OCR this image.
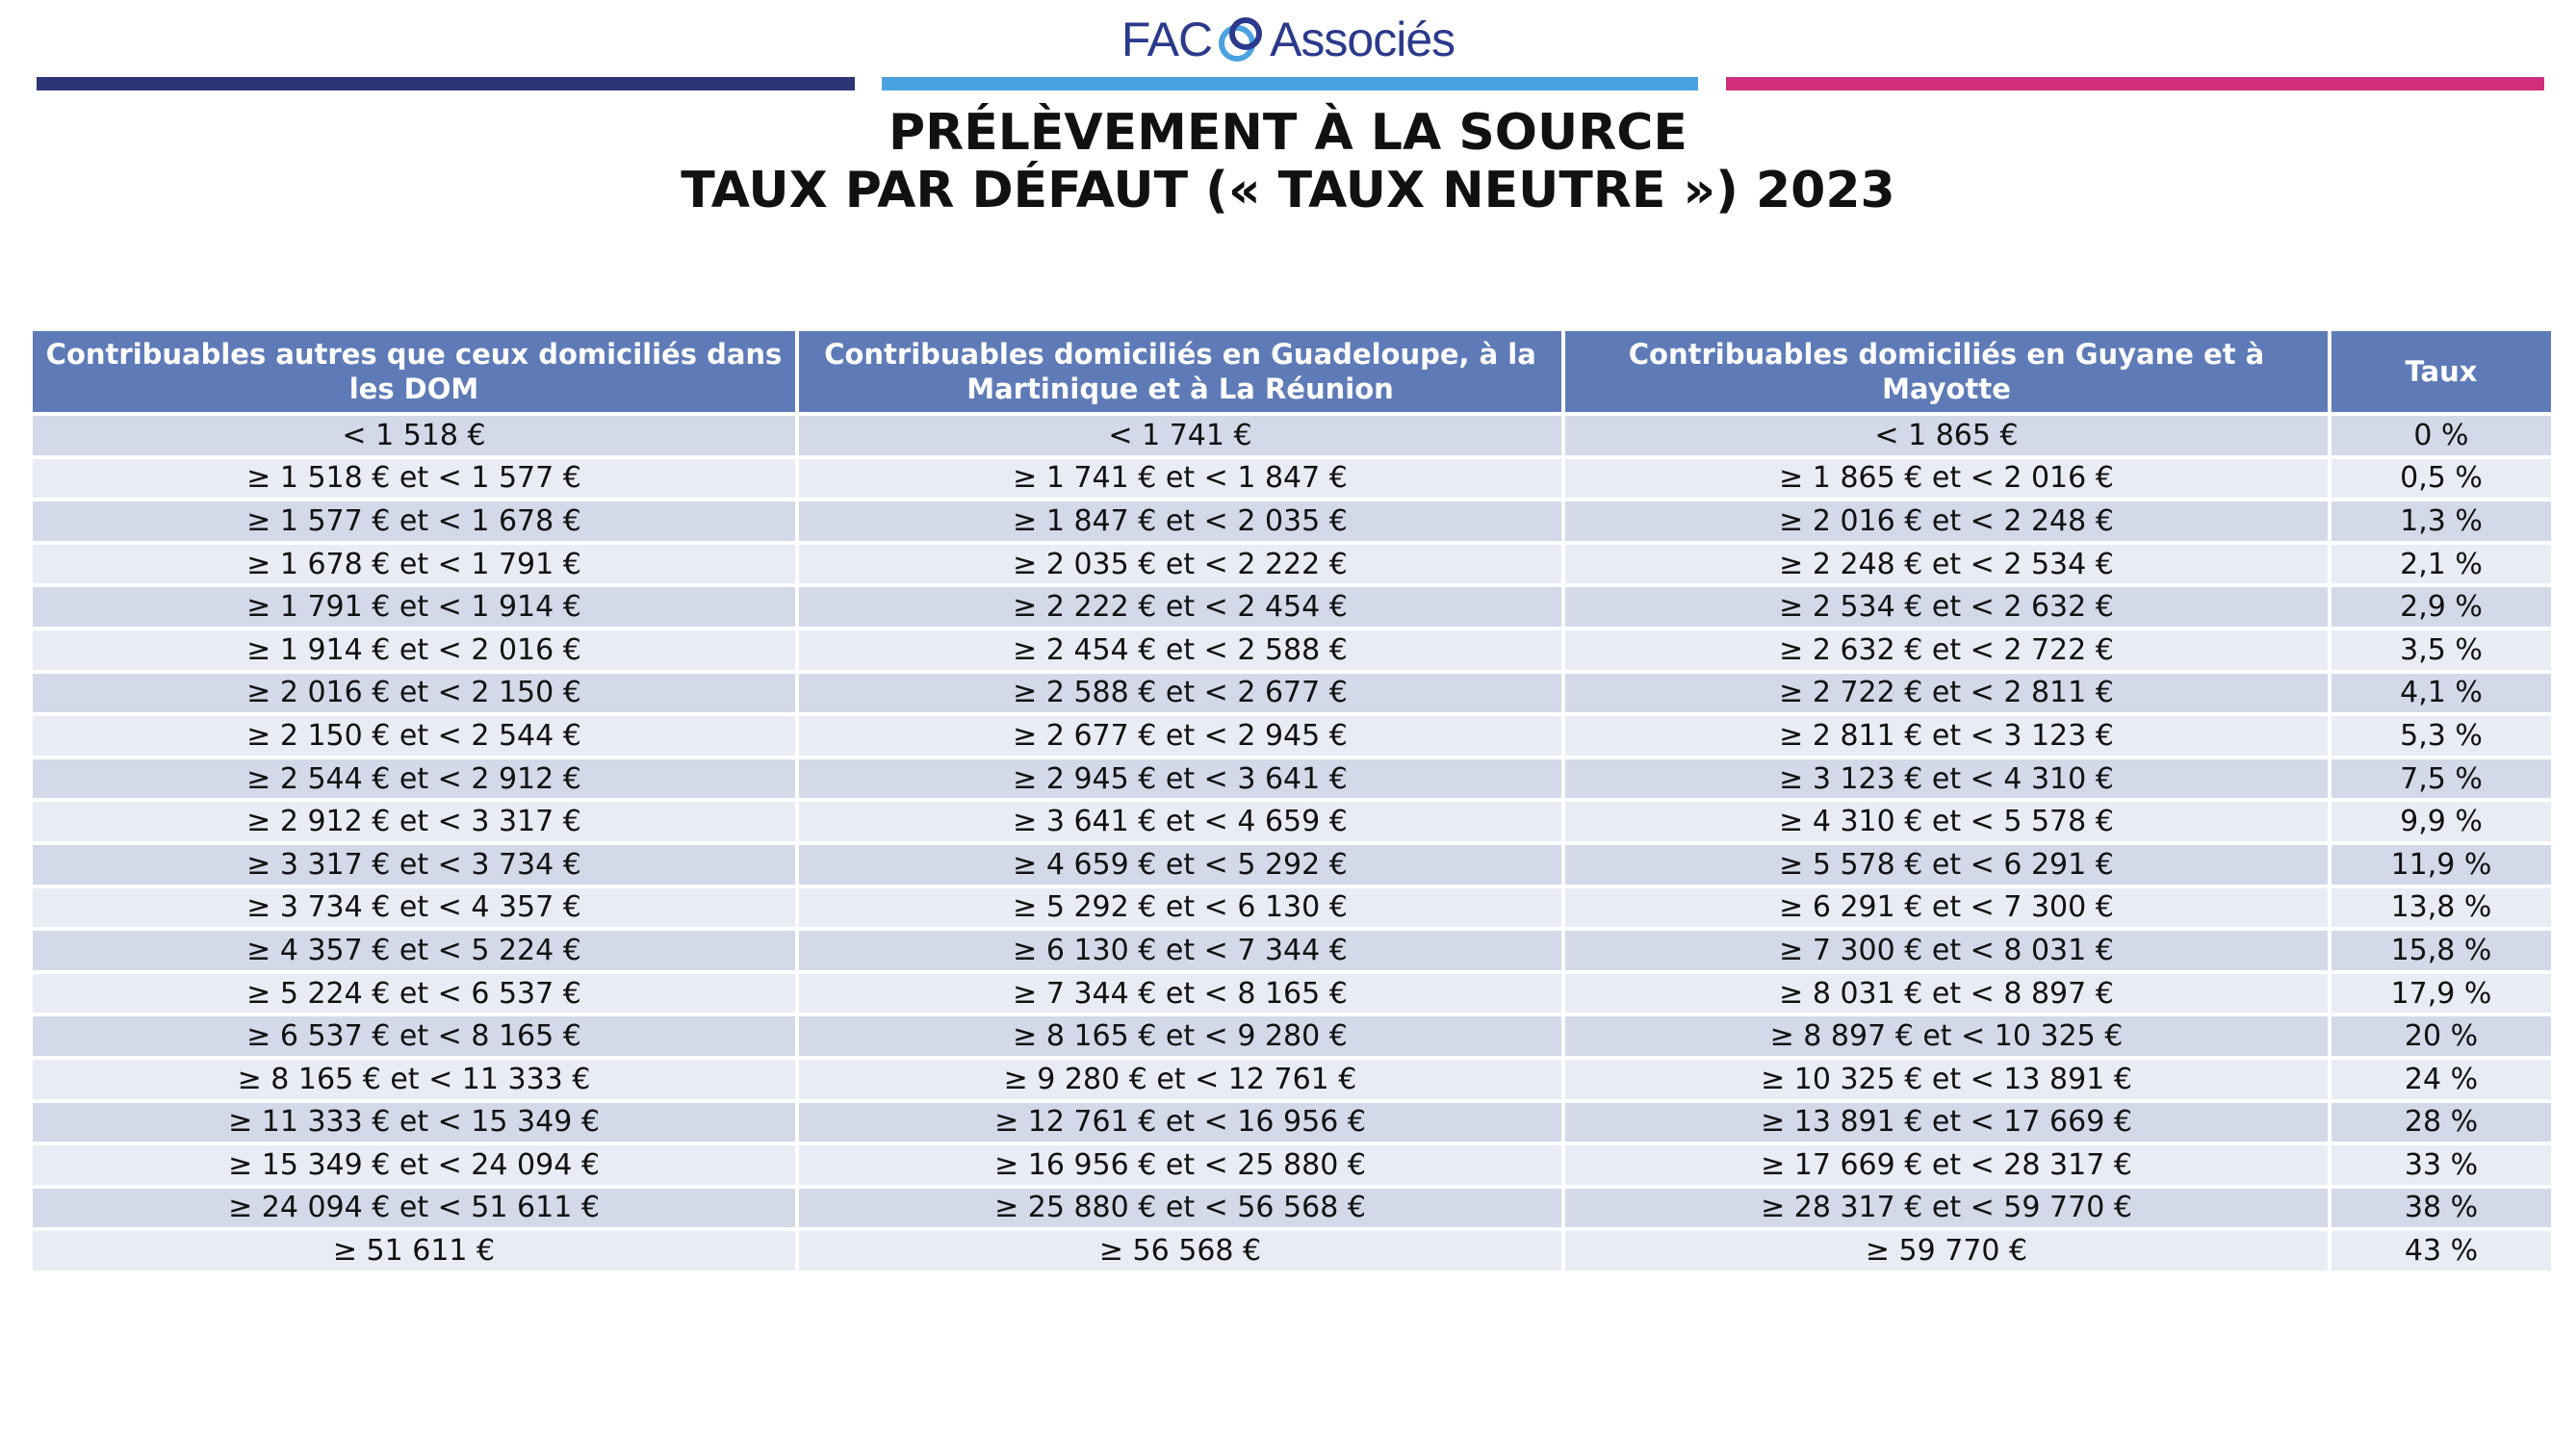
FAC Associés
PRÉLÈVEMENT À LA SOURCE
TAUX PAR DÉFAUT (« TAUX NEUTRE ») 2023
Contribuables autres que ceux domiciliés dans les DOM	Contribuables domiciliés en Guadeloupe, à la Martinique et à La Réunion	Contribuables domiciliés en Guyane et à Mayotte	Taux
< 1 518 €	< 1 741 €	< 1 865 €	0 %
≥ 1 518 € et < 1 577 €	≥ 1 741 € et < 1 847 €	≥ 1 865 € et < 2 016 €	0,5 %
≥ 1 577 € et < 1 678 €	≥ 1 847 € et < 2 035 €	≥ 2 016 € et < 2 248 €	1,3 %
≥ 1 678 € et < 1 791 €	≥ 2 035 € et < 2 222 €	≥ 2 248 € et < 2 534 €	2,1 %
≥ 1 791 € et < 1 914 €	≥ 2 222 € et < 2 454 €	≥ 2 534 € et < 2 632 €	2,9 %
≥ 1 914 € et < 2 016 €	≥ 2 454 € et < 2 588 €	≥ 2 632 € et < 2 722 €	3,5 %
≥ 2 016 € et < 2 150 €	≥ 2 588 € et < 2 677 €	≥ 2 722 € et < 2 811 €	4,1 %
≥ 2 150 € et < 2 544 €	≥ 2 677 € et < 2 945 €	≥ 2 811 € et < 3 123 €	5,3 %
≥ 2 544 € et < 2 912 €	≥ 2 945 € et < 3 641 €	≥ 3 123 € et < 4 310 €	7,5 %
≥ 2 912 € et < 3 317 €	≥ 3 641 € et < 4 659 €	≥ 4 310 € et < 5 578 €	9,9 %
≥ 3 317 € et < 3 734 €	≥ 4 659 € et < 5 292 €	≥ 5 578 € et < 6 291 €	11,9 %
≥ 3 734 € et < 4 357 €	≥ 5 292 € et < 6 130 €	≥ 6 291 € et < 7 300 €	13,8 %
≥ 4 357 € et < 5 224 €	≥ 6 130 € et < 7 344 €	≥ 7 300 € et < 8 031 €	15,8 %
≥ 5 224 € et < 6 537 €	≥ 7 344 € et < 8 165 €	≥ 8 031 € et < 8 897 €	17,9 %
≥ 6 537 € et < 8 165 €	≥ 8 165 € et < 9 280 €	≥ 8 897 € et < 10 325 €	20 %
≥ 8 165 € et < 11 333 €	≥ 9 280 € et < 12 761 €	≥ 10 325 € et < 13 891 €	24 %
≥ 11 333 € et < 15 349 €	≥ 12 761 € et < 16 956 €	≥ 13 891 € et < 17 669 €	28 %
≥ 15 349 € et < 24 094 €	≥ 16 956 € et < 25 880 €	≥ 17 669 € et < 28 317 €	33 %
≥ 24 094 € et < 51 611 €	≥ 25 880 € et < 56 568 €	≥ 28 317 € et < 59 770 €	38 %
≥ 51 611 €	≥ 56 568 €	≥ 59 770 €	43 %
